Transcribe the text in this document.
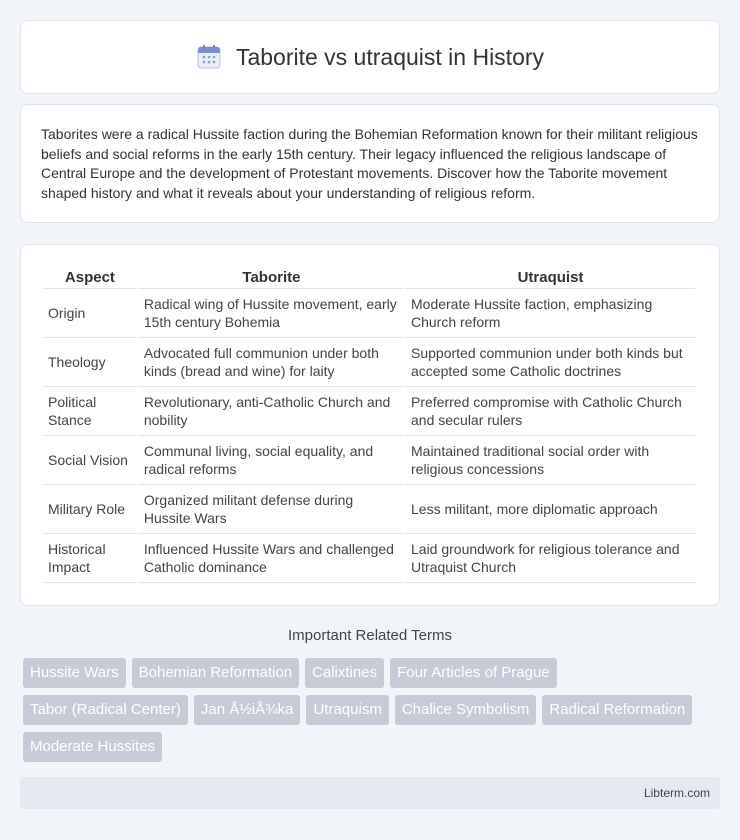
Taborite vs utraquist in History

Taborites were a radical Hussite faction during the Bohemian Reformation known for their militant religious beliefs and social reforms in the early 15th century. Their legacy influenced the religious landscape of Central Europe and the development of Protestant movements. Discover how the Taborite movement shaped history and what it reveals about your understanding of religious reform.

Aspect	Taborite	Utraquist
Origin	Radical wing of Hussite movement, early 15th century Bohemia	Moderate Hussite faction, emphasizing Church reform
Theology	Advocated full communion under both kinds (bread and wine) for laity	Supported communion under both kinds but accepted some Catholic doctrines
Political Stance	Revolutionary, anti-Catholic Church and nobility	Preferred compromise with Catholic Church and secular rulers
Social Vision	Communal living, social equality, and radical reforms	Maintained traditional social order with religious concessions
Military Role	Organized militant defense during Hussite Wars	Less militant, more diplomatic approach
Historical Impact	Influenced Hussite Wars and challenged Catholic dominance	Laid groundwork for religious tolerance and Utraquist Church
Important Related Terms
Hussite Wars	Bohemian Reformation	Calixtines	Four Articles of Prague
Tabor (Radical Center)	Jan Å½iÅ¾ka	Utraquism	Chalice Symbolism	Radical Reformation
Moderate Hussites
Libterm.com
